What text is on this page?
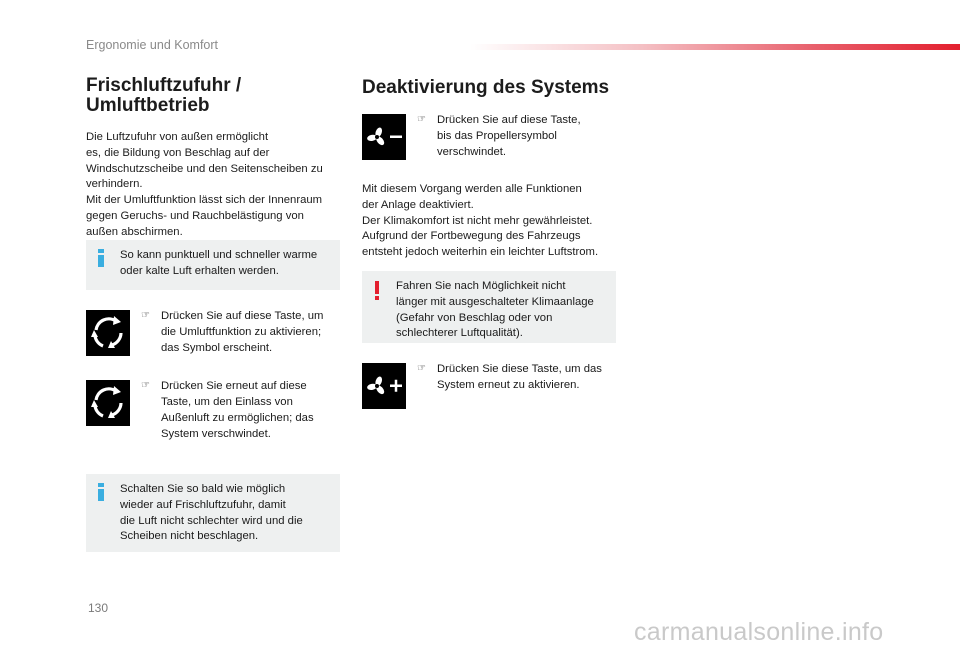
Ergonomie und Komfort
Frischluftzufuhr /
Umluftbetrieb

Die Luftzufuhr von außen ermöglicht

es, die Bildung von Beschlag auf der

Windschutzscheibe und den Seitenscheiben zu

verhindern.

Mit der Umluftfunktion lässt sich der Innenraum

gegen Geruchs- und Rauchbelästigung von

außen abschirmen.

So kann punktuell und schneller warme
oder kalte Luft erhalten werden.
☞ Drücken Sie auf diese Taste, um
die Umluftfunktion zu aktivieren;
das Symbol erscheint.
☞ Drücken Sie erneut auf diese
Taste, um den Einlass von
Außenluft zu ermöglichen; das
System verschwindet.
Schalten Sie so bald wie möglich
wieder auf Frischluftzufuhr, damit
die Luft nicht schlechter wird und die
Scheiben nicht beschlagen.
Deaktivierung des Systems
☞ Drücken Sie auf diese Taste,
bis das Propellersymbol
verschwindet.

Mit diesem Vorgang werden alle Funktionen

der Anlage deaktiviert.

Der Klimakomfort ist nicht mehr gewährleistet.

Aufgrund der Fortbewegung des Fahrzeugs

entsteht jedoch weiterhin ein leichter Luftstrom.

Fahren Sie nach Möglichkeit nicht
länger mit ausgeschalteter Klimaanlage
(Gefahr von Beschlag oder von
schlechterer Luftqualität).
☞ Drücken Sie diese Taste, um das
System erneut zu aktivieren.
130
carmanualsonline.info
